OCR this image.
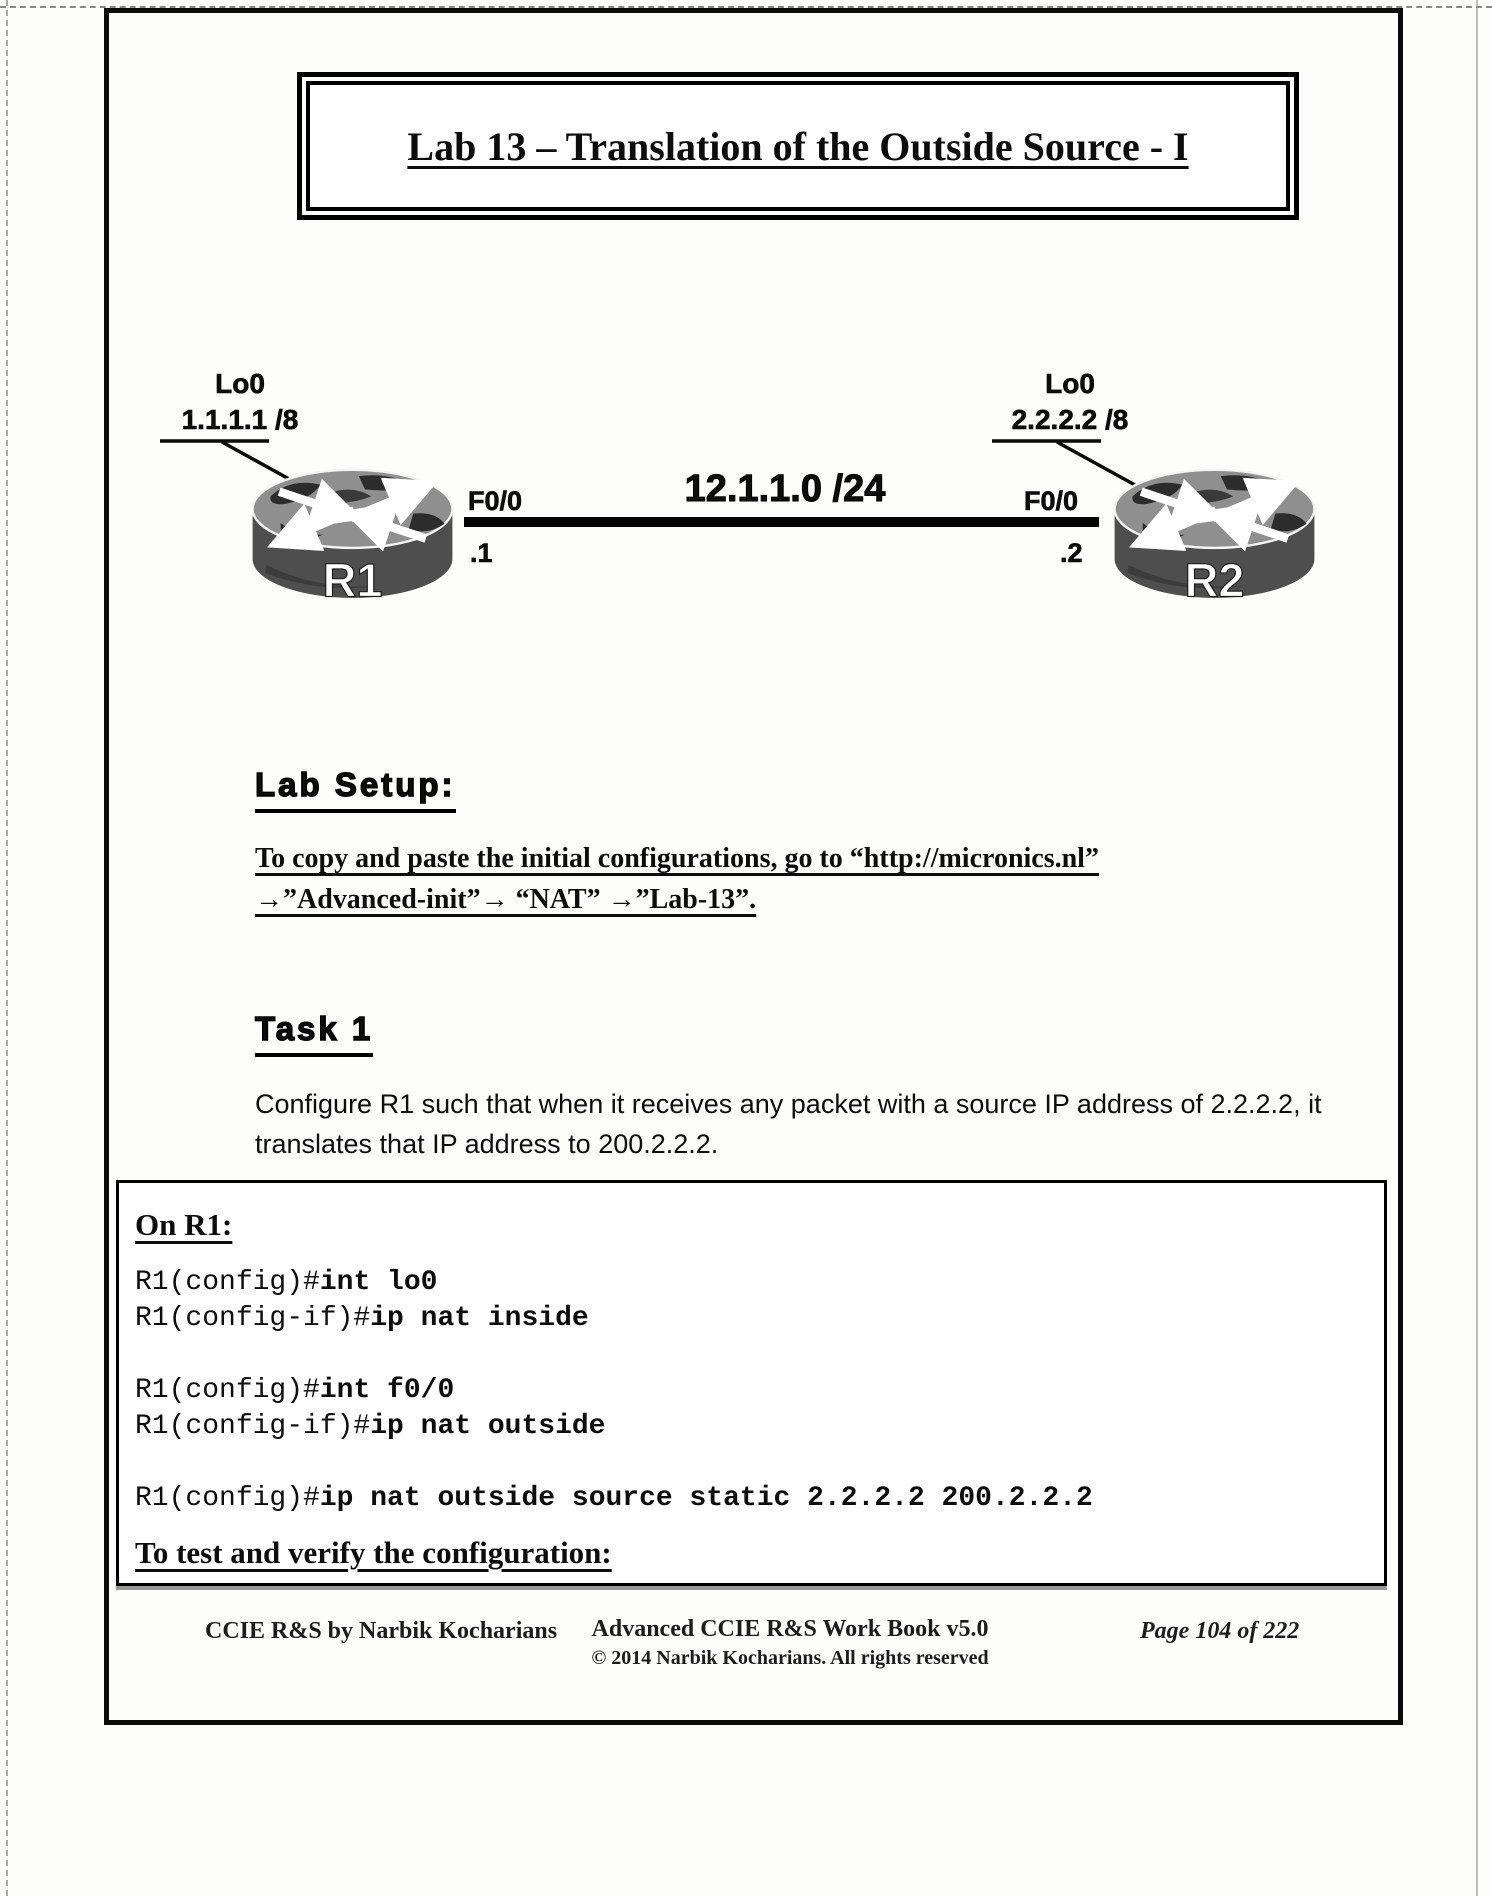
Lab 13 – Translation of the Outside Source - I
R1	R2
Lo0
1.1.1.1 /8
Lo0
2.2.2.2 /8
F0/0
.1
F0/0
.2
12.1.1.0 /24
Lab Setup:
To copy and paste the initial configurations, go to “http://micronics.nl”
→”Advanced-init”→ “NAT” →”Lab-13”.
Task 1
Configure R1 such that when it receives any packet with a source IP address of 2.2.2.2, it
translates that IP address to 200.2.2.2.
On R1:
R1(config)#int lo0
R1(config-if)#ip nat inside
R1(config)#int f0/0
R1(config-if)#ip nat outside
R1(config)#ip nat outside source static 2.2.2.2 200.2.2.2
To test and verify the configuration:
CCIE R&S by Narbik Kocharians	Advanced CCIE R&S Work Book v5.0
© 2014 Narbik Kocharians. All rights reserved
Page 104 of 222
